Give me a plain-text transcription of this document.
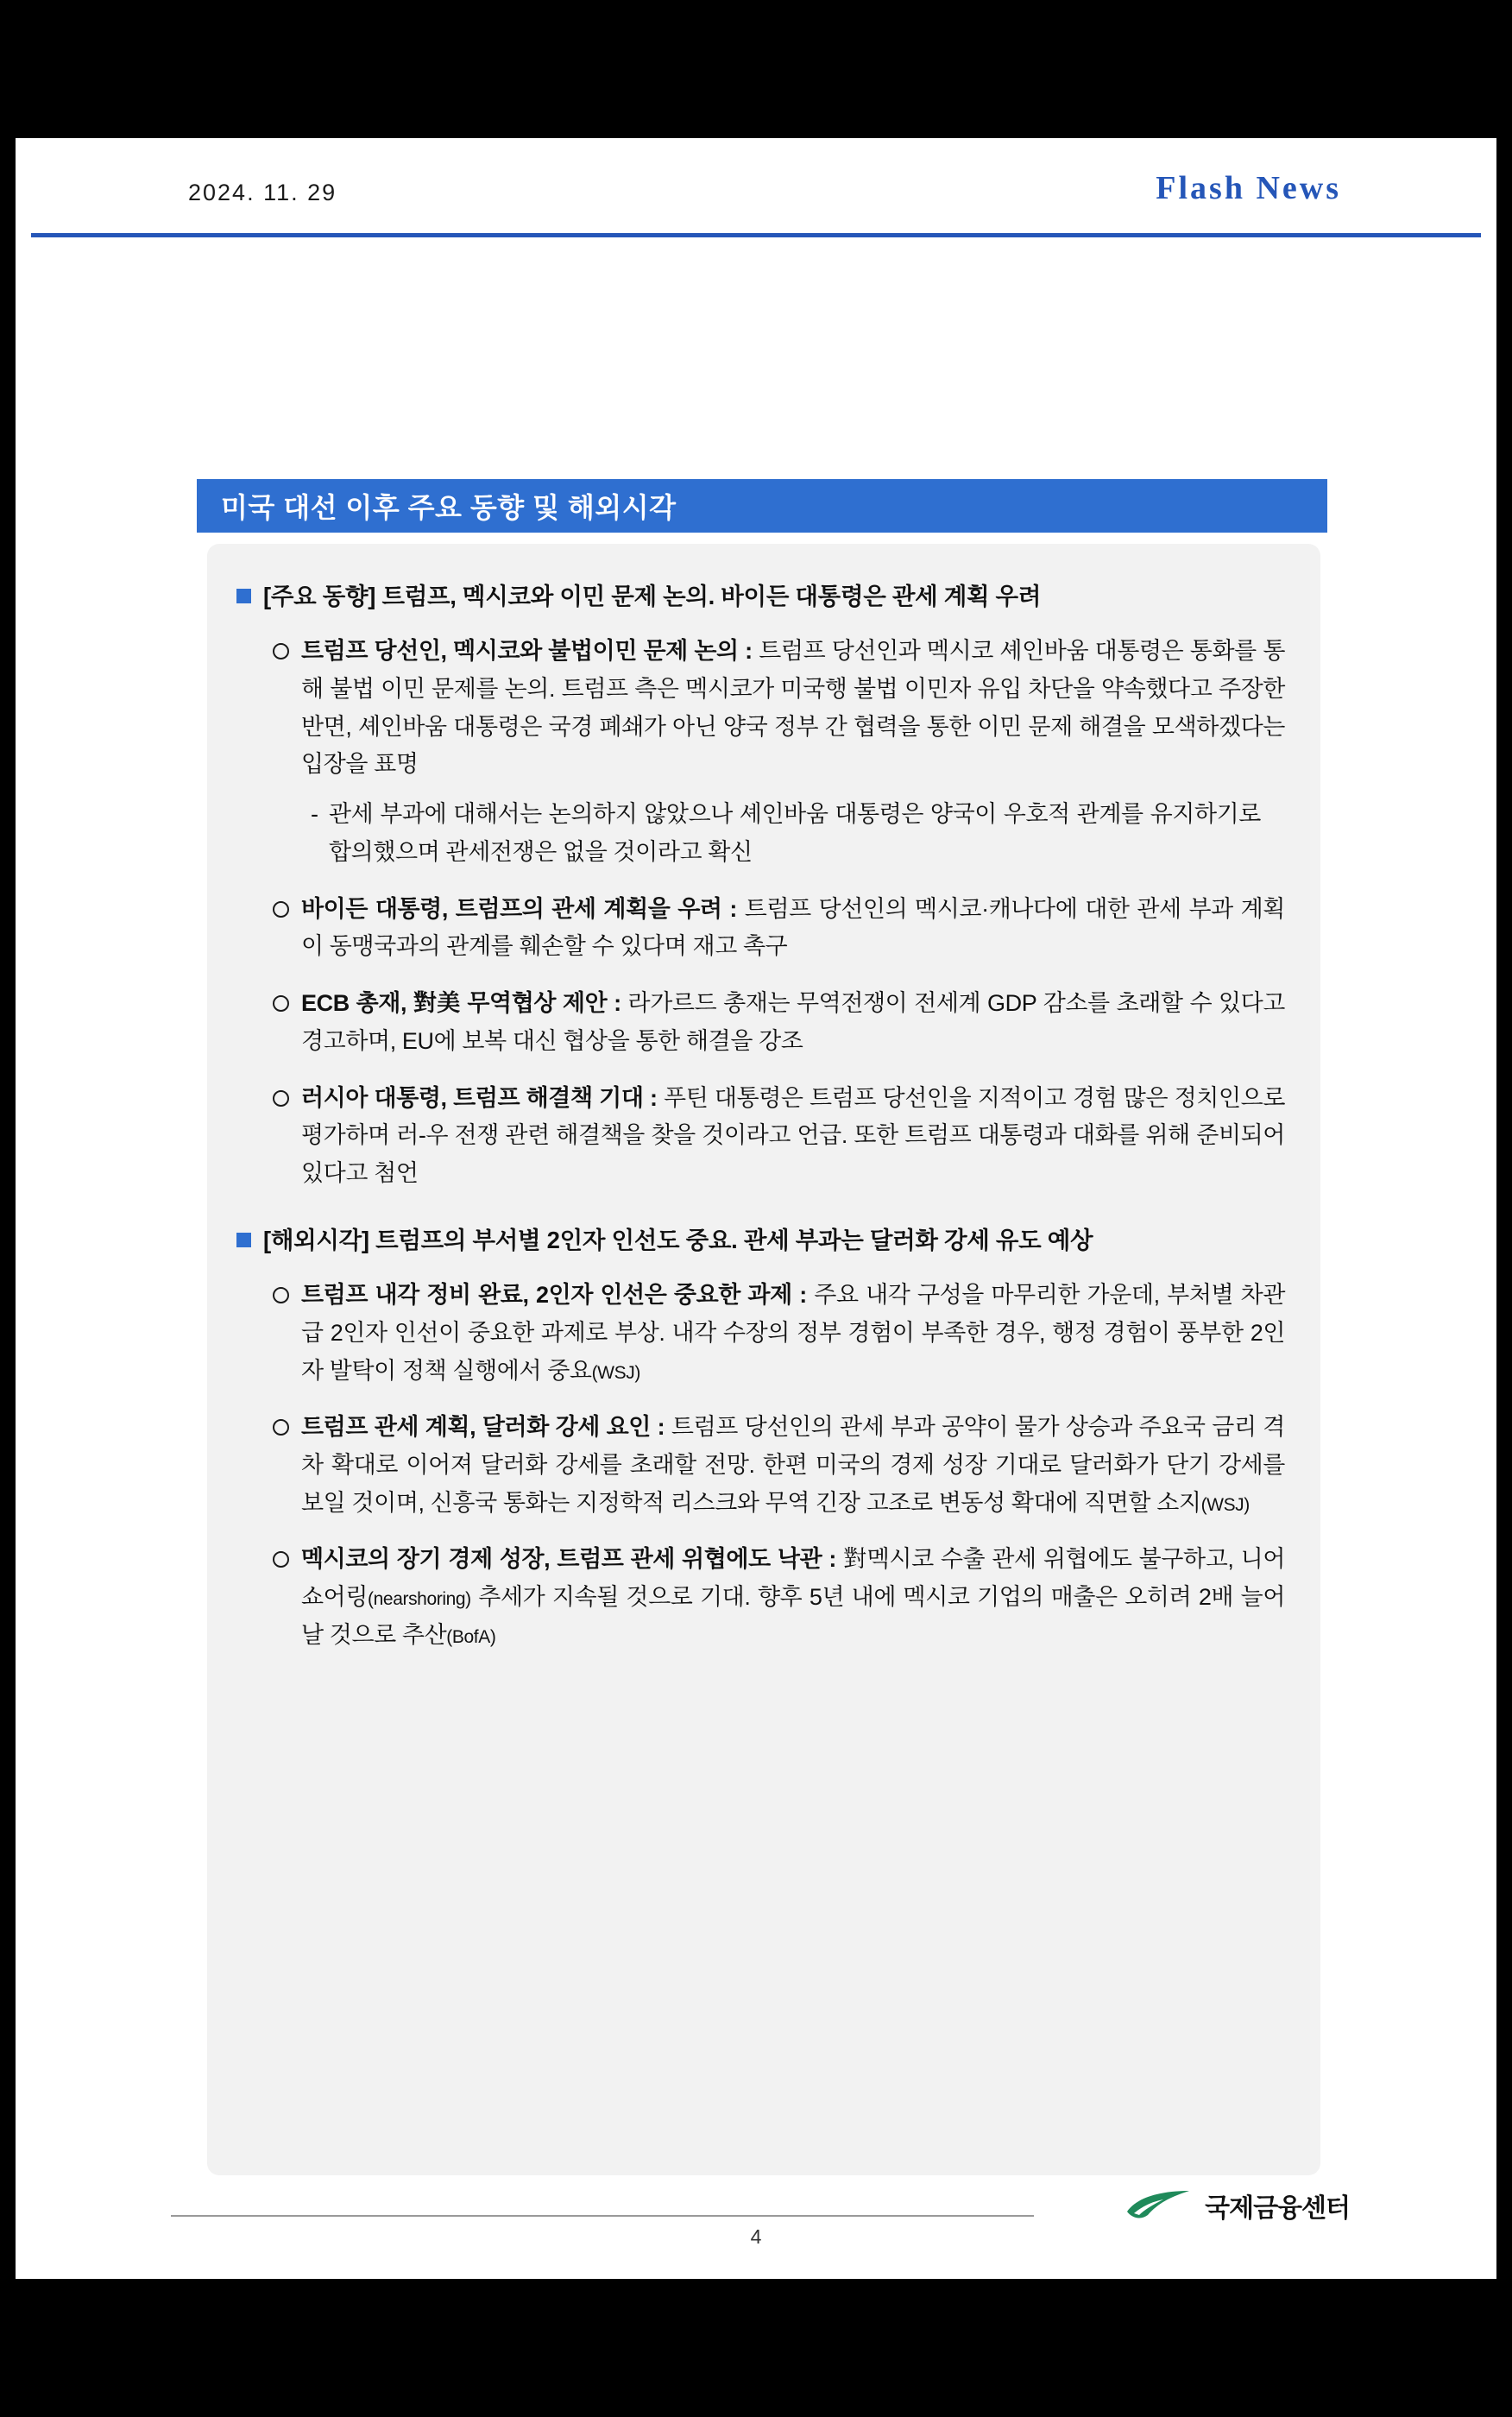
2024. 11. 29	Flash News
미국 대선 이후 주요 동향 및 해외시각
[주요 동향] 트럼프, 멕시코와 이민 문제 논의. 바이든 대통령은 관세 계획 우려
트럼프 당선인, 멕시코와 불법이민 문제 논의 : 트럼프 당선인과 멕시코 셰인바움 대통령은 통화를 통해 불법 이민 문제를 논의. 트럼프 측은 멕시코가 미국행 불법 이민자 유입 차단을 약속했다고 주장한 반면, 셰인바움 대통령은 국경 폐쇄가 아닌 양국 정부 간 협력을 통한 이민 문제 해결을 모색하겠다는 입장을 표명
- 관세 부과에 대해서는 논의하지 않았으나 셰인바움 대통령은 양국이 우호적 관계를 유지하기로 합의했으며 관세전쟁은 없을 것이라고 확신
바이든 대통령, 트럼프의 관세 계획을 우려 : 트럼프 당선인의 멕시코·캐나다에 대한 관세 부과 계획이 동맹국과의 관계를 훼손할 수 있다며 재고 촉구
ECB 총재, 對美 무역협상 제안 : 라가르드 총재는 무역전쟁이 전세계 GDP 감소를 초래할 수 있다고 경고하며, EU에 보복 대신 협상을 통한 해결을 강조
러시아 대통령, 트럼프 해결책 기대 : 푸틴 대통령은 트럼프 당선인을 지적이고 경험 많은 정치인으로 평가하며 러-우 전쟁 관련 해결책을 찾을 것이라고 언급. 또한 트럼프 대통령과 대화를 위해 준비되어 있다고 첨언
[해외시각] 트럼프의 부서별 2인자 인선도 중요. 관세 부과는 달러화 강세 유도 예상
트럼프 내각 정비 완료, 2인자 인선은 중요한 과제 : 주요 내각 구성을 마무리한 가운데, 부처별 차관급 2인자 인선이 중요한 과제로 부상. 내각 수장의 정부 경험이 부족한 경우, 행정 경험이 풍부한 2인자 발탁이 정책 실행에서 중요(WSJ)
트럼프 관세 계획, 달러화 강세 요인 : 트럼프 당선인의 관세 부과 공약이 물가 상승과 주요국 금리 격차 확대로 이어져 달러화 강세를 초래할 전망. 한편 미국의 경제 성장 기대로 달러화가 단기 강세를 보일 것이며, 신흥국 통화는 지정학적 리스크와 무역 긴장 고조로 변동성 확대에 직면할 소지(WSJ)
멕시코의 장기 경제 성장, 트럼프 관세 위협에도 낙관 : 對멕시코 수출 관세 위협에도 불구하고, 니어쇼어링(nearshoring) 추세가 지속될 것으로 기대. 향후 5년 내에 멕시코 기업의 매출은 오히려 2배 늘어날 것으로 추산(BofA)
4
국제금융센터
